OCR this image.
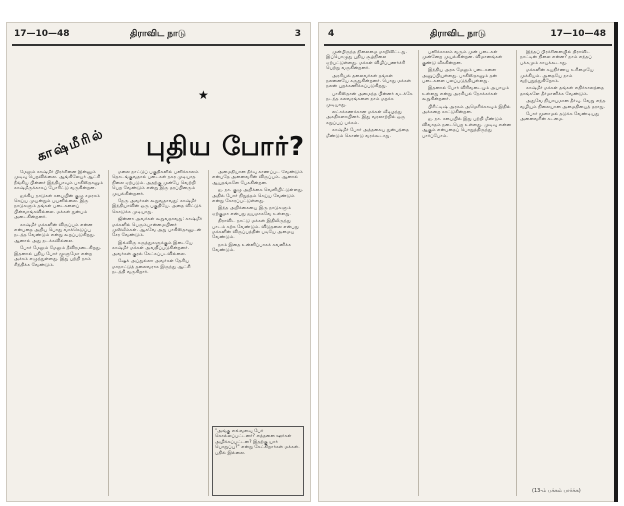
17—10—48	திராவிட நாடு	3
★
காஷ்மீரில் புதிய போர்?

மேலும் காஷ்மீர் பிரச்சினை இன்னும் முடிவு பெறவில்லை. ஆங்கிலேயர் ஆட்சி நீங்கிய பின்னர் இந்தியாவும் பாகிஸ்தானும் காஷ்மீருக்காகப் போரிட்டு வருகின்றன.

ஐக்கிய நாடுகள் சபையின் குழு சமரசம் செய்ய முயன்றும் பயனில்லை. இரு நாடுகளும் தங்கள் படைகளைப் பின்வாங்கவில்லை. மக்கள் துன்பம் அடைகின்றனர்.

காஷ்மீர் மக்களின் விருப்பம் என்ன என்பதை அறிய பொது வாக்கெடுப்பு நடத்த வேண்டும் என்று கூறப்படுகிறது. ஆனால் அது நடக்கவில்லை.

போர் மேலும் மேலும் தீவிரமடைகிறது. இதனால் புதிய போர் மூளுமோ என்ற அச்சம் எழுந்துள்ளது. இது பற்றி நாம் சிந்திக்க வேண்டும்.

மலை நாட்டுப் பகுதிகளில் பனிக்காலம் தொடங்குவதால் படைகள் நகர முடியாத நிலை ஏற்படும். அதற்கு முன்பே வெற்றி பெற வேண்டும் என்று இரு தரப்பினரும் முயல்கின்றனர்.

நேரு அவர்கள் கூறுவதாவது: காஷ்மீர் இந்தியாவின் ஒரு பகுதியே. அதை விட்டுக் கொடுக்க முடியாது.

ஜின்னா அவர்கள் கூறுவதாவது: காஷ்மீர் மக்களில் பெரும்பான்மையினர் முஸ்லீம்கள். ஆகவே அது பாகிஸ்தானுடன் சேர வேண்டும்.

இவ்விரு கருத்துகளுக்கும் இடையே காஷ்மீர் மக்கள் அவதிப்படுகின்றனர். அவர்கள் குரல் கேட்கப்படவில்லை.

ஷேக் அப்துல்லா அவர்கள் தேசிய மாநாட்டுத் தலைவராக இருந்து ஆட்சி நடத்தி வருகிறார்.

அமைதியான தீர்வு காணப்பட வேண்டும் என்பதே அனைவரின் விருப்பம். ஆனால் ஆயுதங்களே பேசுகின்றன.

ஐ. நா. குழு அறிக்கை வெளியிட்டுள்ளது. அதில் போர் நிறுத்தம் செய்ய வேண்டும் என்று கோரப்பட்டுள்ளது.

இந்த அறிக்கையை இரு நாடுகளும் ஏற்குமா என்பது ஐயமாகவே உள்ளது.

திராவிட நாட்டு மக்கள் இதிலிருந்து பாடம் கற்க வேண்டும். விடுதலை என்பது மக்களின் விருப்பத்தின் படியே அமைய வேண்டும்.

நாம் இதை உன்னிப்பாகக் கவனிக்க வேண்டும்.

"அங்கு எவ்வளவு பேர் கொல்லப்பட்டனர்? எத்தனை ஊர்கள் அழிக்கப்பட்டன? இதற்கு யார் பொறுப்பு?" என்று கேட்கிறார்கள் மக்கள். பதில் இல்லை.
4	திராவிட நாடு	17—10—48

முன்பிருந்த நிலைமை மாறிவிட்டது. இப்பொழுது புதிய சூழ்நிலை ஏற்பட்டுள்ளது. மக்கள் விழிப்புணர்ச்சி பெற்று வருகின்றனர்.

அரசியல் தலைவர்கள் தங்கள் நலனையே கருதுகின்றனர். பொது மக்கள் நலன் புறக்கணிக்கப்படுகிறது.

பாகிஸ்தான் அமைந்த பின்னர் வடக்கே நடந்த கலவரங்களை நாம் மறக்க முடியாது.

லட்சக்கணக்கான மக்கள் வீடிழந்து அகதிகளாயினர். இது வரலாற்றில் ஒரு கறுப்புப் பக்கம்.

காஷ்மீர் போர் அத்தகைய துன்பத்தை மீண்டும் கொண்டு வரக்கூடாது.

பனிக்காலம் வரும் முன் படைகள் முன்னேற முயல்கின்றன. விமானங்கள் குண்டு வீசுகின்றன.

இந்திய அரசு மேலும் படைகளை அனுப்பியுள்ளது. பாகிஸ்தானும் தன் படைகளை பலப்படுத்தியுள்ளது.

இதனால் போர் விரிவடையும் அபாயம் உள்ளது என்று அரசியல் நோக்கர்கள் கூறுகின்றனர்.

பிரிட்டிஷ் அரசும் அமெரிக்காவும் இதில் அக்கறை காட்டுகின்றன.

ஐ. நா. சபையில் இது பற்றி மீண்டும் விவாதம் நடைபெற உள்ளது. முடிவு என்ன ஆகும் என்பதைப் பொறுத்திருந்து பார்ப்போம்.

இந்தப் பிரச்சினையில் திராவிட நாட்டின் நிலை என்ன? நாம் எந்தப் பக்கமும் சாயக்கூடாது.

மக்களின் சுயநிர்ணய உரிமையே முக்கியம். அதையே நாம் வற்புறுத்துகிறோம்.

காஷ்மீர் மக்கள் தங்கள் எதிர்காலத்தை தாங்களே தீர்மானிக்க வேண்டும்.

அதுவே நியாயமான தீர்வு. வேறு எந்த வழியும் நிலையான அமைதியைத் தராது.

போர் மூளாமல் தடுக்க வேண்டியது அனைவரின் கடமை.

(13-ம் பக்கம் பார்க்க)
